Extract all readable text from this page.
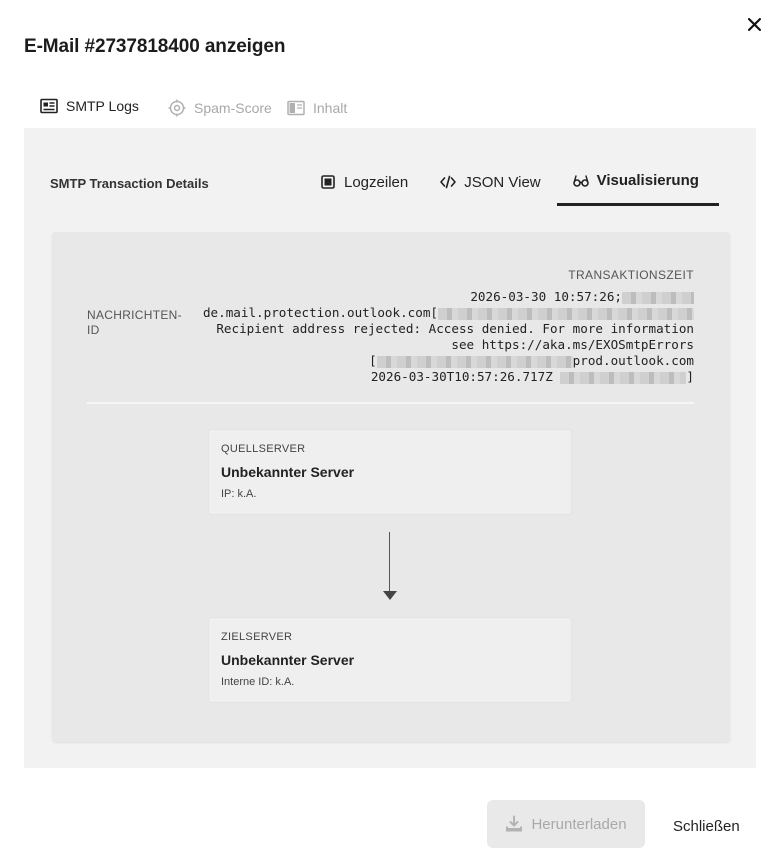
E-Mail #2737818400 anzeigen
SMTP Logs	Spam-Score	Inhalt
SMTP Transaction Details	Logzeilen	JSON View	Visualisierung
TRANSAKTIONSZEIT
NACHRICHTEN-ID
2026-03-30 10:57:26;
de.mail.protection.outlook.com[
Recipient address rejected: Access denied. For more information
see https://aka.ms/EXOSmtpErrors
[	prod.outlook.com
2026-03-30T10:57:26.717Z	]
QUELLSERVER
Unbekannter Server
IP: k.A.
ZIELSERVER
Unbekannter Server
Interne ID: k.A.
Herunterladen	Schließen
